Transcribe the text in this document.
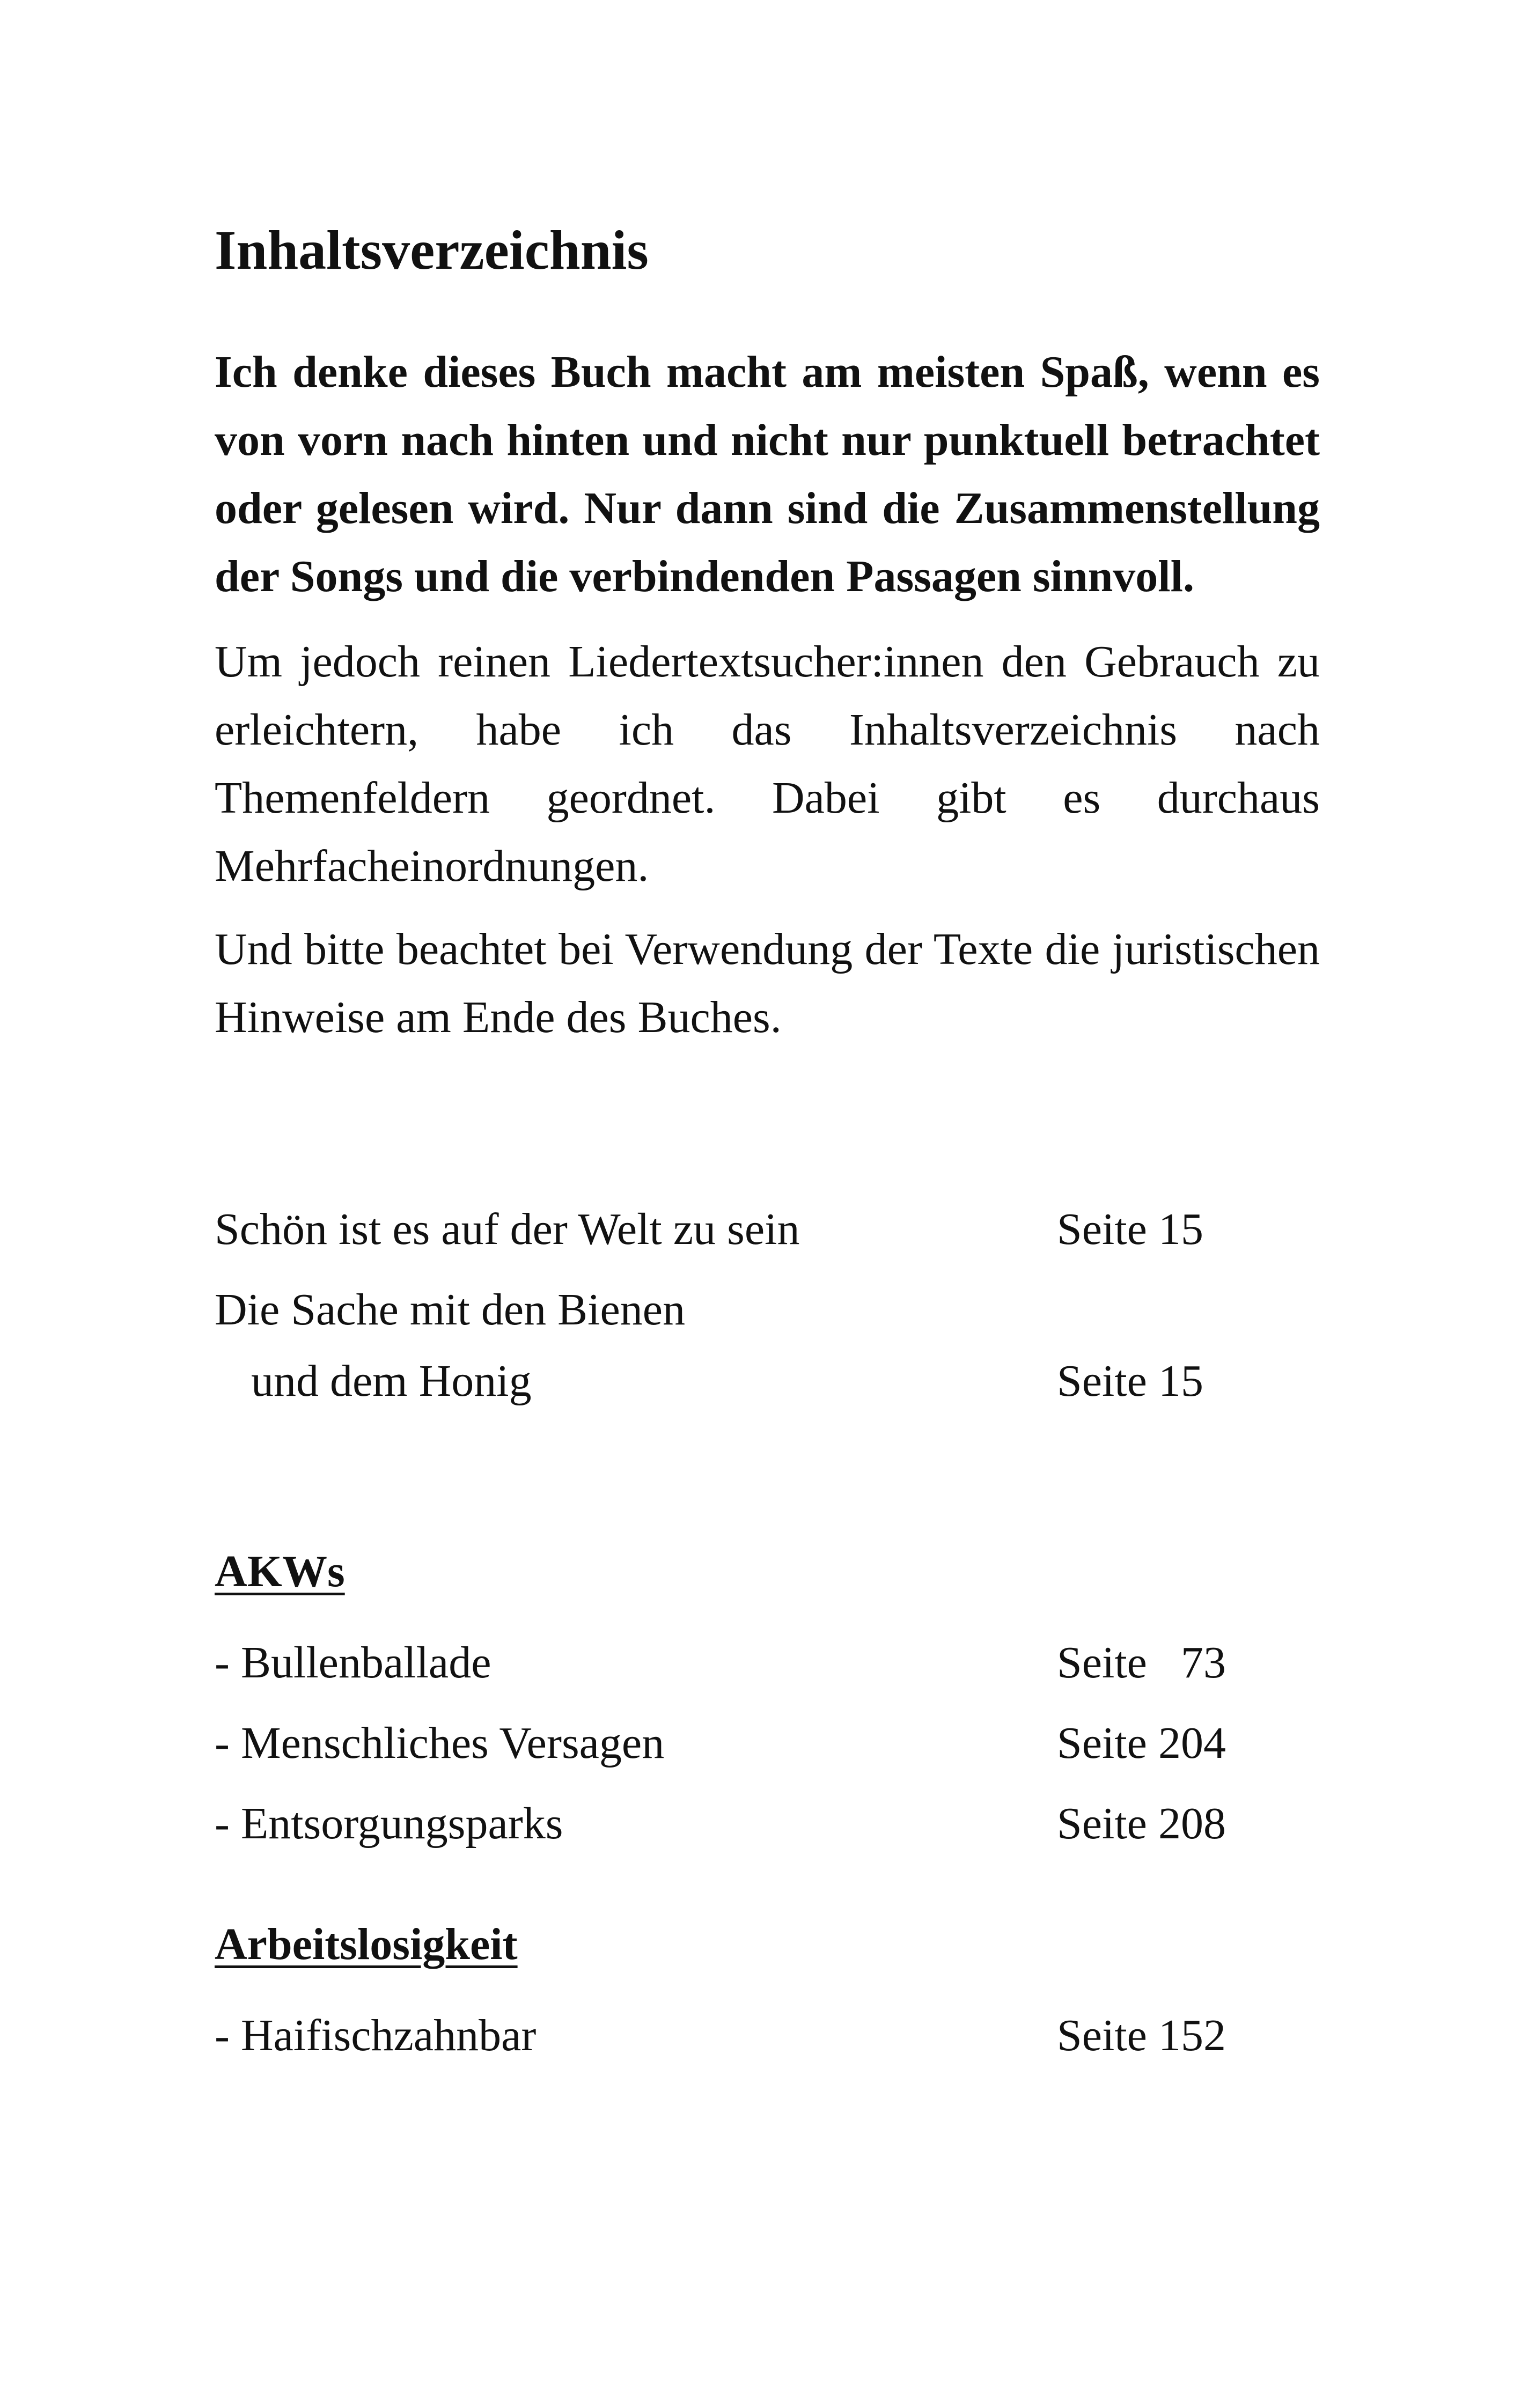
Inhaltsverzeichnis

Ich denke dieses Buch macht am meisten Spaß, wenn es von vorn nach hinten und nicht nur punktuell betrachtet oder gelesen wird. Nur dann sind die Zusammenstellung der Songs und die verbindenden Passagen sinnvoll.

Um jedoch reinen Liedertextsucher:innen den Gebrauch zu erleichtern, habe ich das Inhaltsverzeichnis nach Themenfeldern geordnet. Dabei gibt es durchaus Mehrfacheinordnungen.

Und bitte beachtet bei Verwendung der Texte die juristischen Hinweise am Ende des Buches.

Schön ist es auf der Welt zu sein	Seite 15
Die Sache mit den Bienen
und dem Honig	Seite 15
AKWs
- Bullenballade	Seite   73
- Menschliches Versagen	Seite 204
- Entsorgungsparks	Seite 208
Arbeitslosigkeit
- Haifischzahnbar	Seite 152
